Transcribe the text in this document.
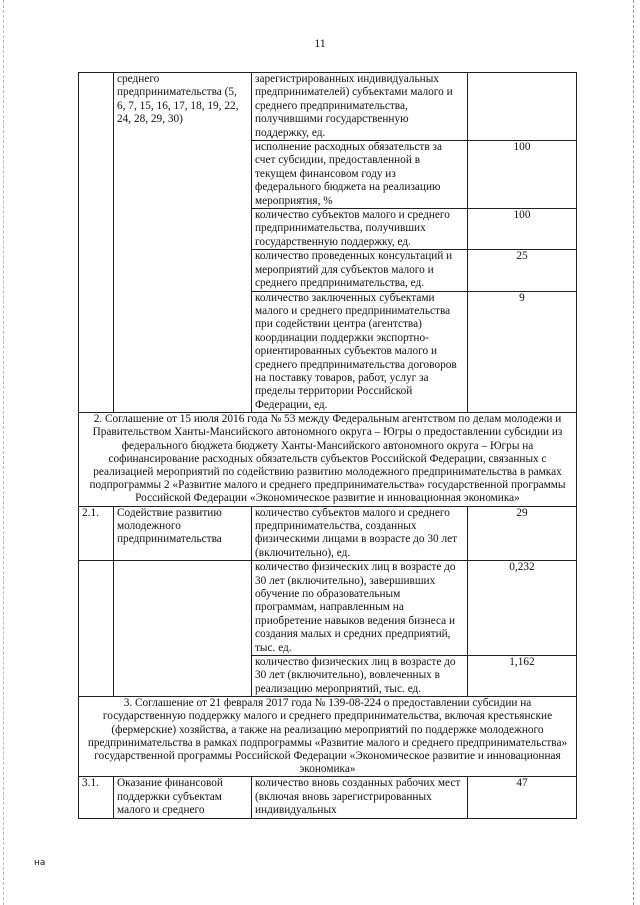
11
	среднего предпринимательства (5, 6, 7, 15, 16, 17, 18, 19, 22, 24, 28, 29, 30)	зарегистрированных индивидуальных предпринимателей) субъектами малого и среднего предпринимательства, получившими государственную поддержку, ед.	
		исполнение расходных обязательств за счет субсидии, предоставленной в текущем финансовом году из федерального бюджета на реализацию мероприятия, %	100
		количество субъектов малого и среднего предпринимательства, получивших государственную поддержку, ед.	100
		количество проведенных консультаций и мероприятий для субъектов малого и среднего предпринимательства, ед.	25
		количество заключенных субъектами малого и среднего предпринимательства при содействии центра (агентства) координации поддержки экспортно-ориентированных субъектов малого и среднего предпринимательства договоров на поставку товаров, работ, услуг за пределы территории Российской Федерации, ед.	9
2. Соглашение от 15 июля 2016 года № 53 между Федеральным агентством по делам молодежи и Правительством Ханты-Мансийского автономного округа – Югры о предоставлении субсидии из федерального бюджета бюджету Ханты-Мансийского автономного округа – Югры на софинансирование расходных обязательств субъектов Российской Федерации, связанных с реализацией мероприятий по содействию развитию молодежного предпринимательства в рамках подпрограммы 2 «Развитие малого и среднего предпринимательства» государственной программы Российской Федерации «Экономическое развитие и инновационная экономика»			
2.1.	Содействие развитию молодежного предпринимательства	количество субъектов малого и среднего предпринимательства, созданных физическими лицами в возрасте до 30 лет (включительно), ед.	29
		количество физических лиц в возрасте до 30 лет (включительно), завершивших обучение по образовательным программам, направленным на приобретение навыков ведения бизнеса и создания малых и средних предприятий, тыс. ед.	0,232
		количество физических лиц в возрасте до 30 лет (включительно), вовлеченных в реализацию мероприятий, тыс. ед.	1,162
3. Соглашение от 21 февраля 2017 года № 139-08-224 о предоставлении субсидии на государственную поддержку малого и среднего предпринимательства, включая крестьянские (фермерские) хозяйства, а также на реализацию мероприятий по поддержке молодежного предпринимательства в рамках подпрограммы «Развитие малого и среднего предпринимательства» государственной программы Российской Федерации «Экономическое развитие и инновационная экономика»			
3.1.	Оказание финансовой поддержки субъектам малого и среднего	количество вновь созданных рабочих мест (включая вновь зарегистрированных индивидуальных	47
на
